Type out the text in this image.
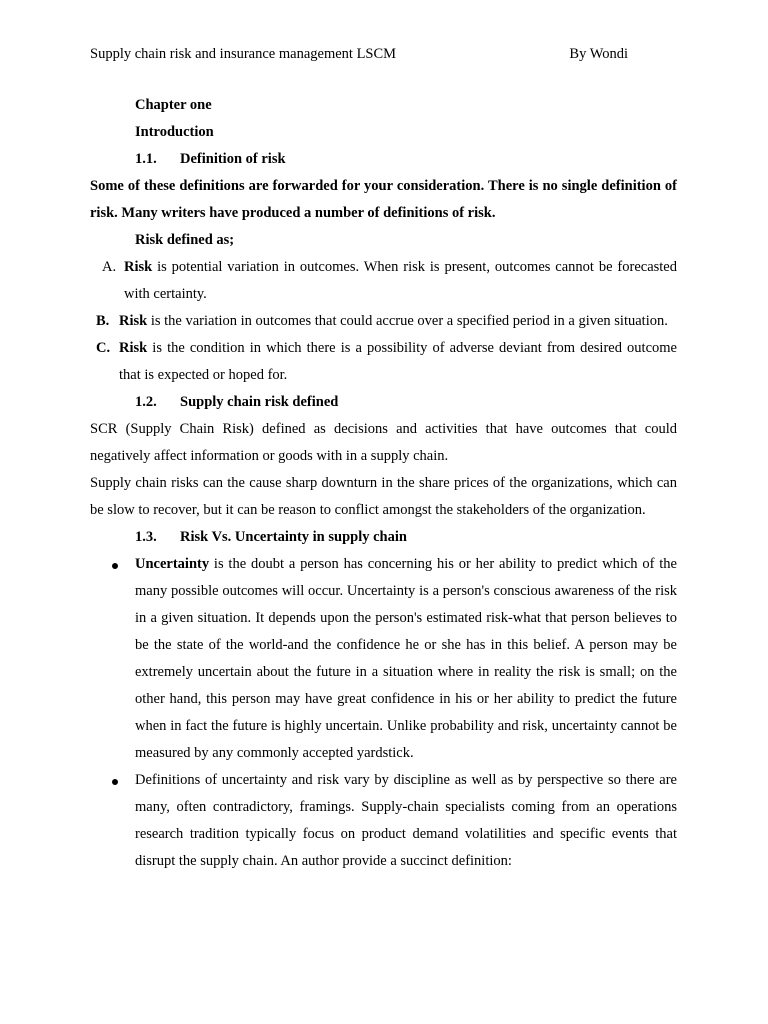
Supply chain risk and insurance management LSCM	By Wondi
Chapter one
Introduction
1.1. Definition of risk
Some of these definitions are forwarded for your consideration. There is no single definition of risk. Many writers have produced a number of definitions of risk.
Risk defined as;
A. Risk is potential variation in outcomes. When risk is present, outcomes cannot be forecasted with certainty.
B. Risk is the variation in outcomes that could accrue over a specified period in a given situation.
C. Risk is the condition in which there is a possibility of adverse deviant from desired outcome that is expected or hoped for.
1.2. Supply chain risk defined
SCR (Supply Chain Risk) defined as decisions and activities that have outcomes that could negatively affect information or goods with in a supply chain.
Supply chain risks can the cause sharp downturn in the share prices of the organizations, which can be slow to recover, but it can be reason to conflict amongst the stakeholders of the organization.
1.3. Risk Vs. Uncertainty in supply chain
Uncertainty is the doubt a person has concerning his or her ability to predict which of the many possible outcomes will occur. Uncertainty is a person's conscious awareness of the risk in a given situation. It depends upon the person's estimated risk-what that person believes to be the state of the world-and the confidence he or she has in this belief. A person may be extremely uncertain about the future in a situation where in reality the risk is small; on the other hand, this person may have great confidence in his or her ability to predict the future when in fact the future is highly uncertain. Unlike probability and risk, uncertainty cannot be measured by any commonly accepted yardstick.
Definitions of uncertainty and risk vary by discipline as well as by perspective so there are many, often contradictory, framings. Supply-chain specialists coming from an operations research tradition typically focus on product demand volatilities and specific events that disrupt the supply chain. An author provide a succinct definition:
